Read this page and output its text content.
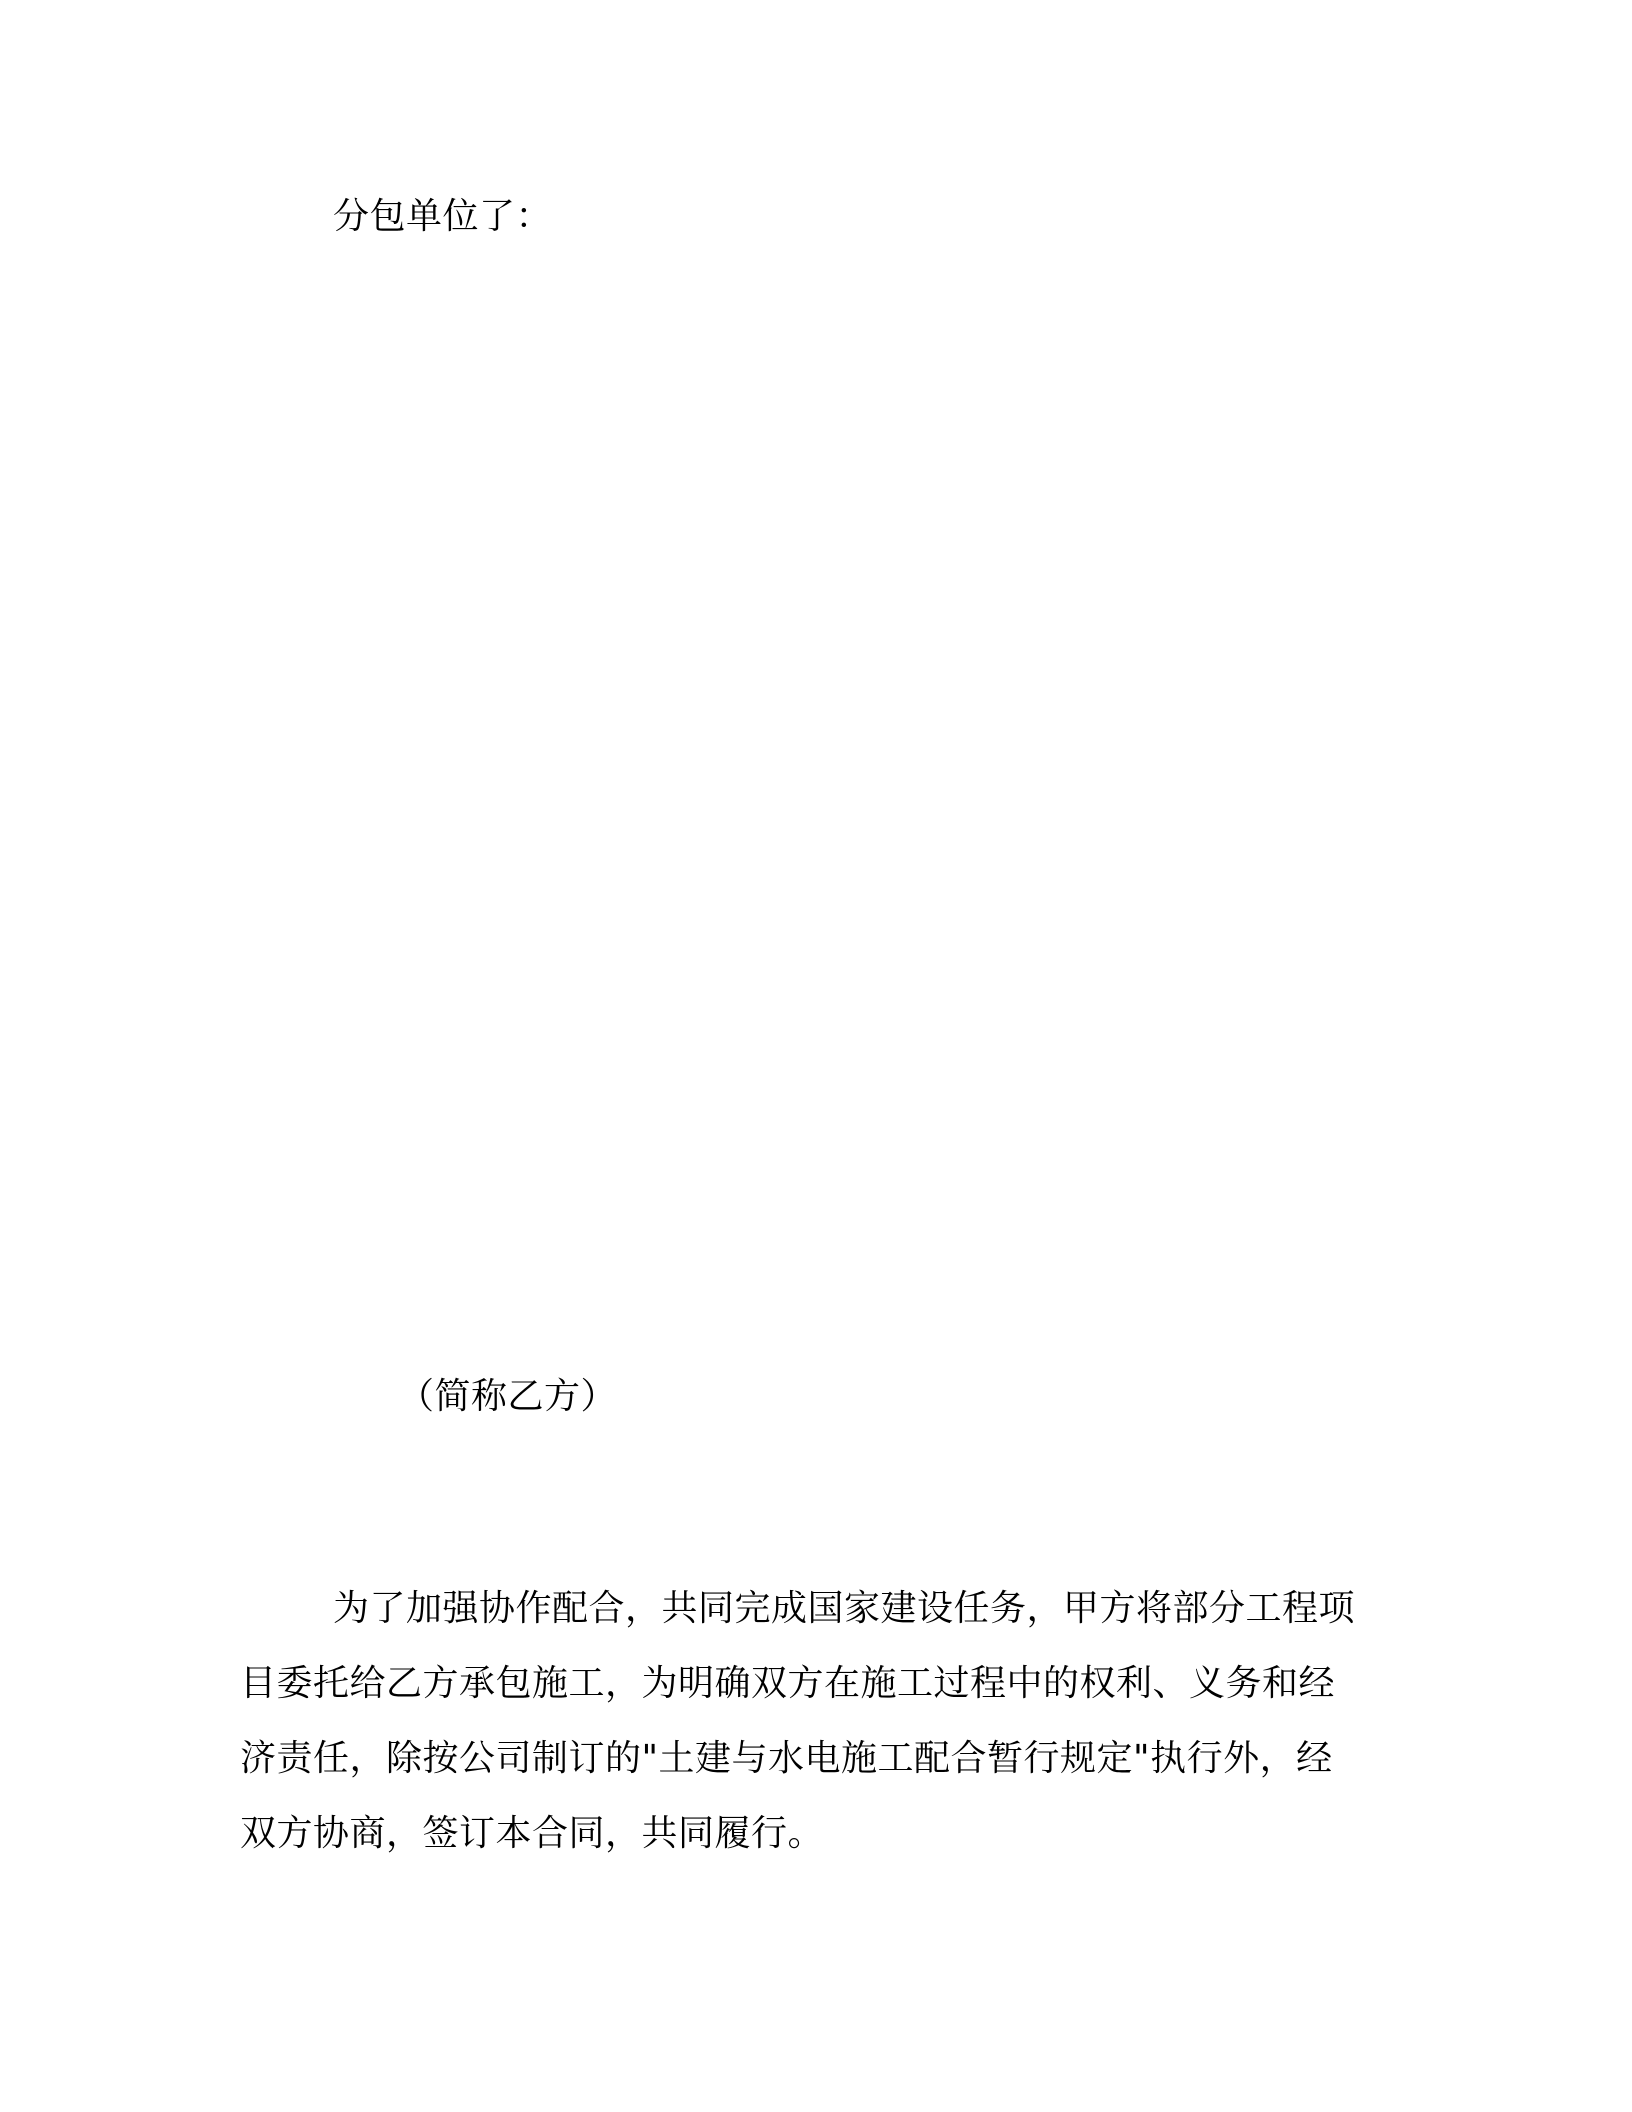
分包单位了：
（简称乙方）
为了加强协作配合，共同完成国家建设任务，甲方将部分工程项
目委托给乙方承包施工，为明确双方在施工过程中的权利、义务和经
济责任，除按公司制订的"土建与水电施工配合暂行规定"执行外，经
双方协商，签订本合同，共同履行。
